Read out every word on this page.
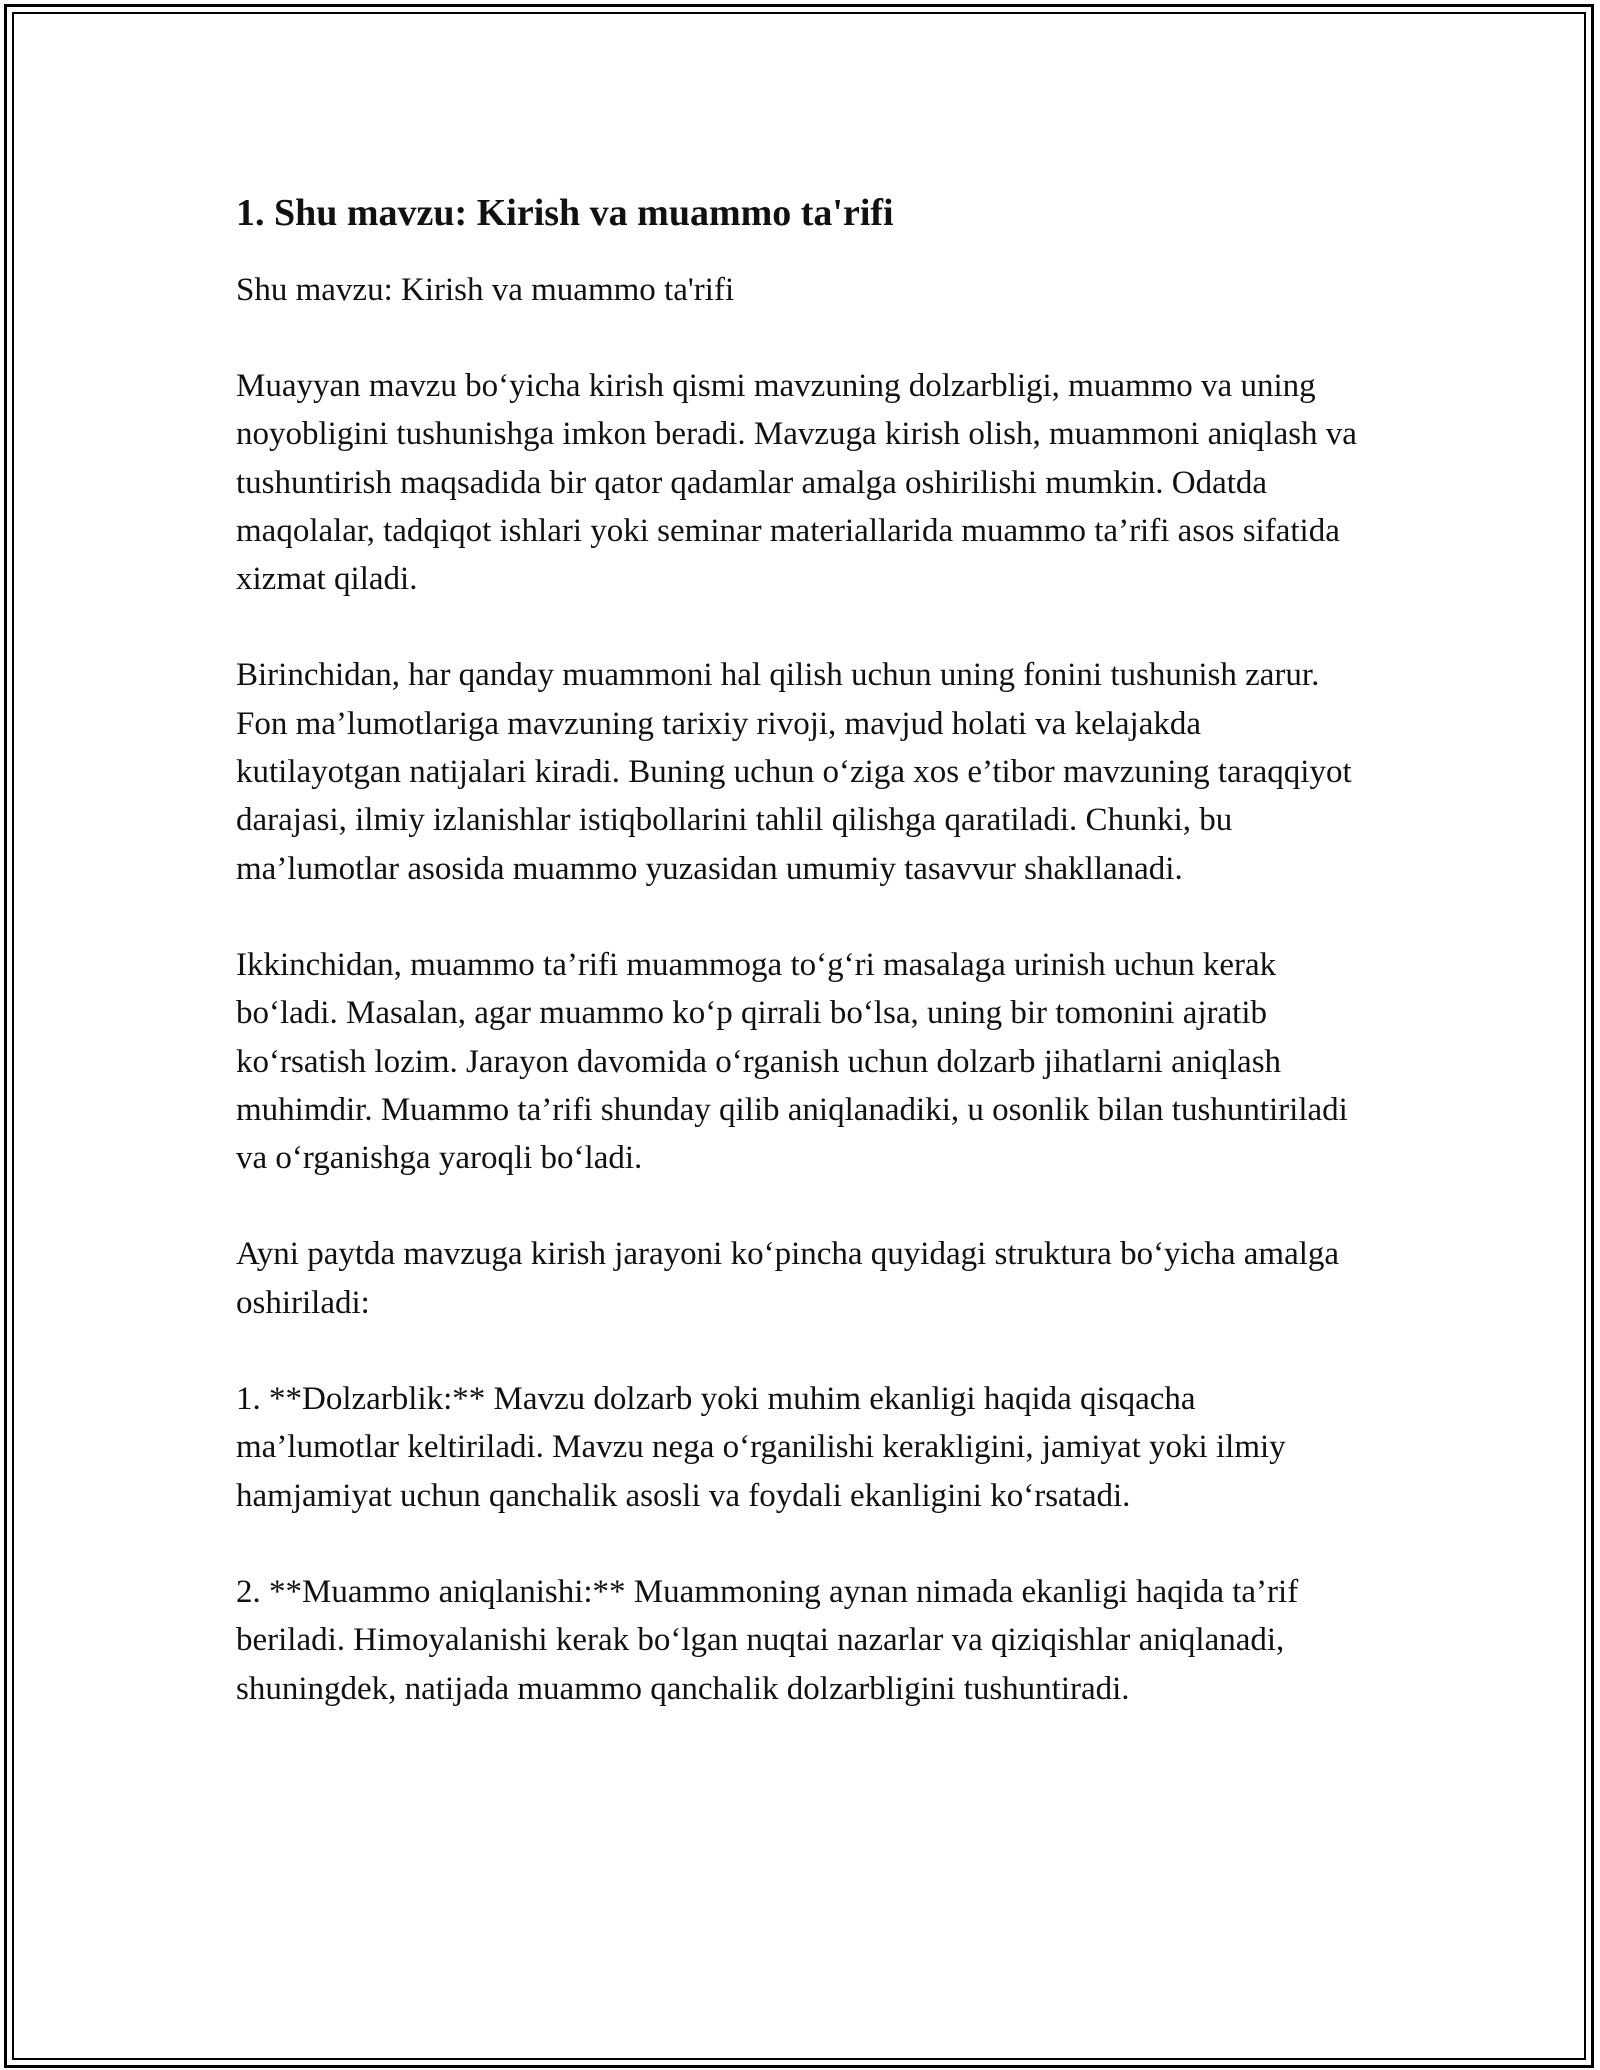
1. Shu mavzu: Kirish va muammo ta'rifi

Shu mavzu: Kirish va muammo ta'rifi

Muayyan mavzu bo‘yicha kirish qismi mavzuning dolzarbligi, muammo va uning noyobligini tushunishga imkon beradi. Mavzuga kirish olish, muammoni aniqlash va tushuntirish maqsadida bir qator qadamlar amalga oshirilishi mumkin. Odatda maqolalar, tadqiqot ishlari yoki seminar materiallarida muammo ta’rifi asos sifatida xizmat qiladi.

Birinchidan, har qanday muammoni hal qilish uchun uning fonini tushunish zarur. Fon ma’lumotlariga mavzuning tarixiy rivoji, mavjud holati va kelajakda kutilayotgan natijalari kiradi. Buning uchun o‘ziga xos e’tibor mavzuning taraqqiyot darajasi, ilmiy izlanishlar istiqbollarini tahlil qilishga qaratiladi. Chunki, bu ma’lumotlar asosida muammo yuzasidan umumiy tasavvur shakllanadi.

Ikkinchidan, muammo ta’rifi muammoga to‘g‘ri masalaga urinish uchun kerak bo‘ladi. Masalan, agar muammo ko‘p qirrali bo‘lsa, uning bir tomonini ajratib ko‘rsatish lozim. Jarayon davomida o‘rganish uchun dolzarb jihatlarni aniqlash muhimdir. Muammo ta’rifi shunday qilib aniqlanadiki, u osonlik bilan tushuntiriladi va o‘rganishga yaroqli bo‘ladi.

Ayni paytda mavzuga kirish jarayoni ko‘pincha quyidagi struktura bo‘yicha amalga oshiriladi:

1. **Dolzarblik:** Mavzu dolzarb yoki muhim ekanligi haqida qisqacha ma’lumotlar keltiriladi. Mavzu nega o‘rganilishi kerakligini, jamiyat yoki ilmiy hamjamiyat uchun qanchalik asosli va foydali ekanligini ko‘rsatadi.

2. **Muammo aniqlanishi:** Muammoning aynan nimada ekanligi haqida ta’rif beriladi. Himoyalanishi kerak bo‘lgan nuqtai nazarlar va qiziqishlar aniqlanadi, shuningdek, natijada muammo qanchalik dolzarbligini tushuntiradi.
